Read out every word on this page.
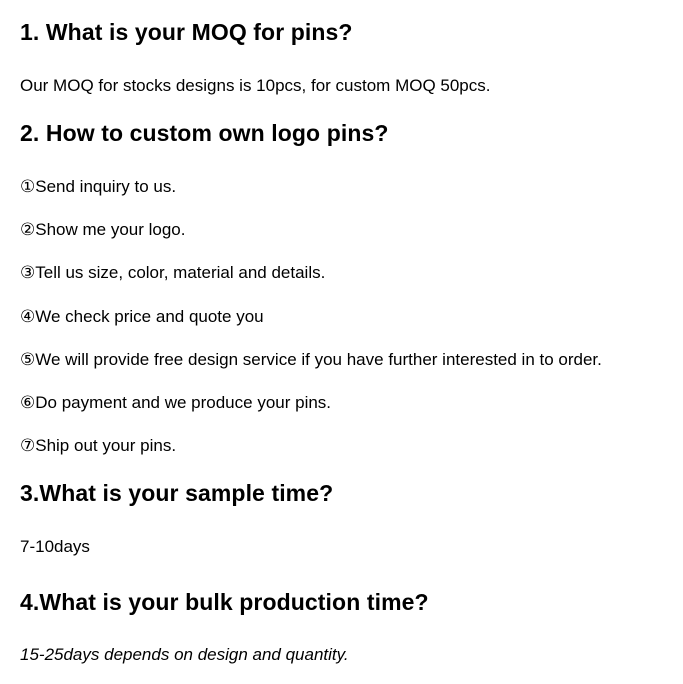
1. What is your MOQ for pins?

Our MOQ for stocks designs is 10pcs, for custom MOQ 50pcs.

2. How to custom own logo pins?

①Send inquiry to us.

②Show me your logo.

③Tell us size, color, material and details.

④We check price and quote you

⑤We will provide free design service if you have further interested in to order.

⑥Do payment and we produce your pins.

⑦Ship out your pins.

3.What is your sample time?

7-10days

4.What is your bulk production time?

15-25days depends on design and quantity.
